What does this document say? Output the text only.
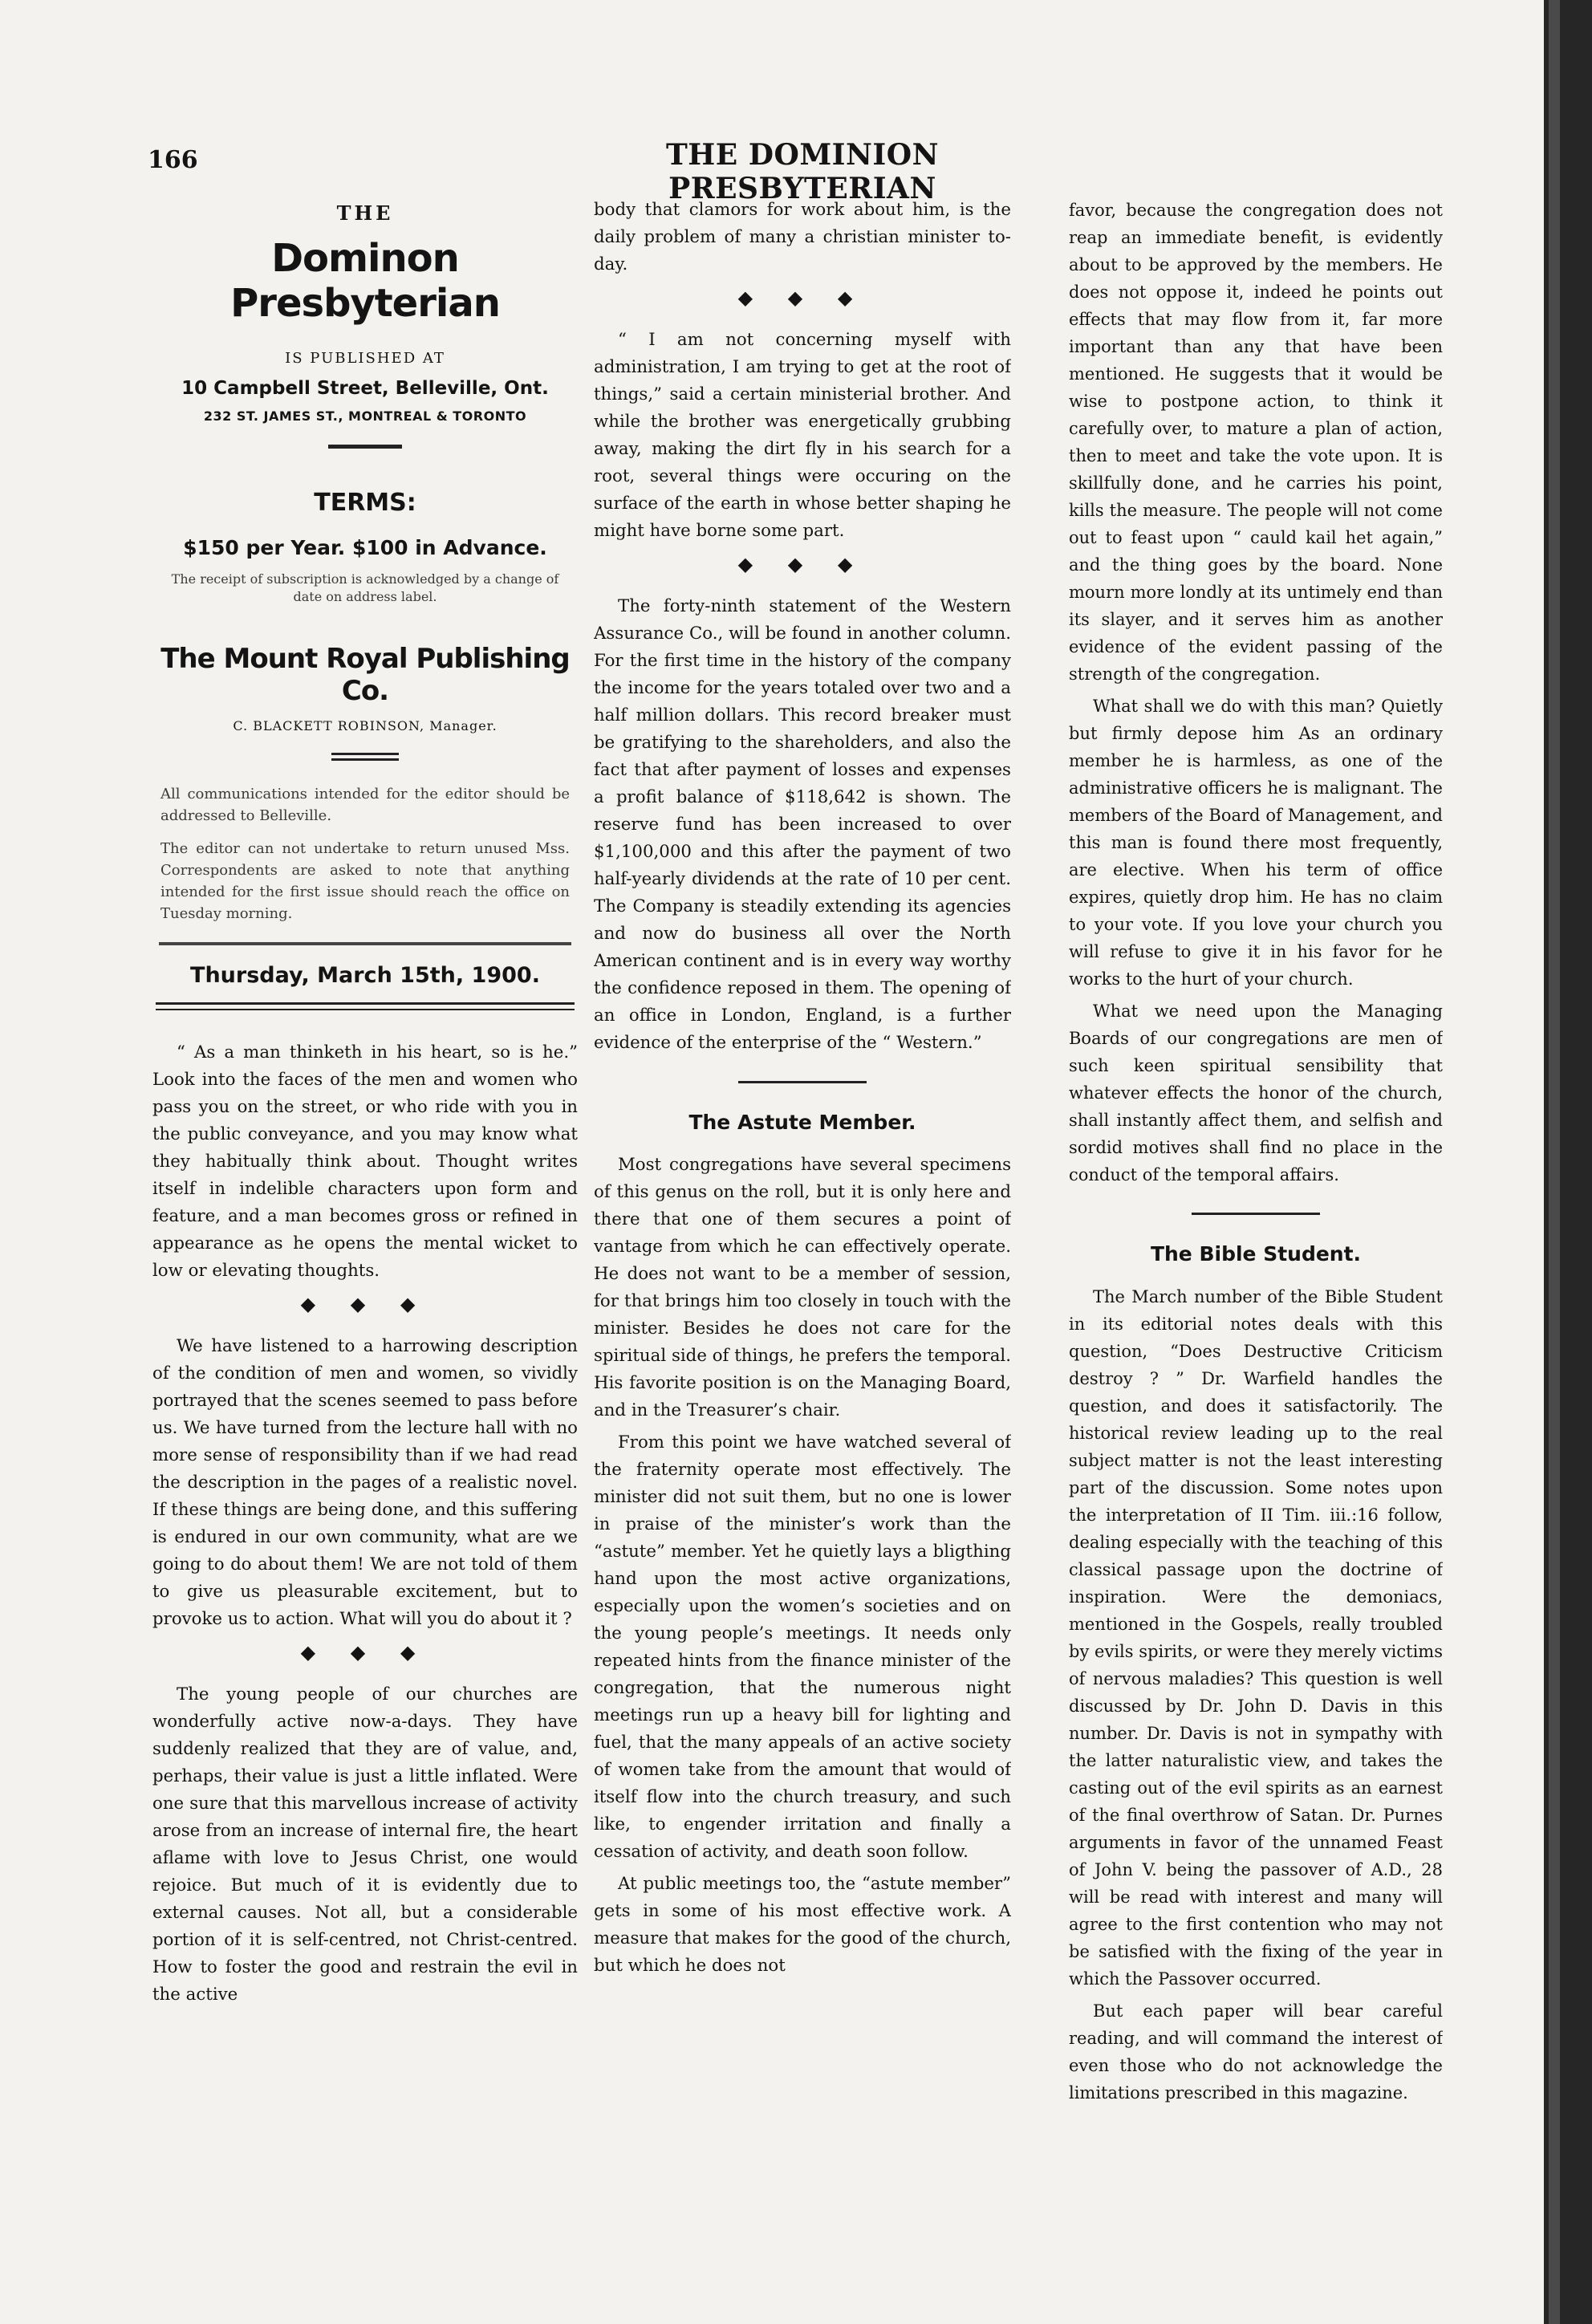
166	THE DOMINION PRESBYTERIAN
THE
Dominon Presbyterian
IS PUBLISHED AT
10 Campbell Street, Belleville, Ont.
232 ST. JAMES ST., MONTREAL & TORONTO
TERMS:
$150 per Year. $100 in Advance.
The receipt of subscription is acknowledged by a change of date on address label.
The Mount Royal Publishing Co.
C. BLACKETT ROBINSON, Manager.
All communications intended for the editor should be addressed to Belleville.
The editor can not undertake to return unused Mss. Correspondents are asked to note that anything intended for the first issue should reach the office on Tuesday morning.
Thursday, March 15th, 1900.

“ As a man thinketh in his heart, so is he.” Look into the faces of the men and women who pass you on the street, or who ride with you in the public conveyance, and you may know what they habitually think about. Thought writes itself in indelible characters upon form and feature, and a man becomes gross or refined in appearance as he opens the mental wicket to low or elevating thoughts.

◆ ◆ ◆

We have listened to a harrowing description of the condition of men and women, so vividly portrayed that the scenes seemed to pass before us. We have turned from the lecture hall with no more sense of responsibility than if we had read the description in the pages of a realistic novel. If these things are being done, and this suffering is endured in our own community, what are we going to do about them! We are not told of them to give us pleasurable excitement, but to provoke us to action. What will you do about it ?

◆ ◆ ◆

The young people of our churches are wonderfully active now-a-days. They have suddenly realized that they are of value, and, perhaps, their value is just a little inflated. Were one sure that this marvellous increase of activity arose from an increase of internal fire, the heart aflame with love to Jesus Christ, one would rejoice. But much of it is evidently due to external causes. Not all, but a considerable portion of it is self-centred, not Christ-centred. How to foster the good and restrain the evil in the active

body that clamors for work about him, is the daily problem of many a christian minister to-day.

◆ ◆ ◆

“ I am not concerning myself with administration, I am trying to get at the root of things,” said a certain ministerial brother. And while the brother was energetically grubbing away, making the dirt fly in his search for a root, several things were occuring on the surface of the earth in whose better shaping he might have borne some part.

◆ ◆ ◆

The forty-ninth statement of the Western Assurance Co., will be found in another column. For the first time in the history of the company the income for the years totaled over two and a half million dollars. This record breaker must be gratifying to the shareholders, and also the fact that after payment of losses and expenses a profit balance of $118,642 is shown. The reserve fund has been increased to over $1,100,000 and this after the payment of two half-yearly dividends at the rate of 10 per cent. The Company is steadily extending its agencies and now do business all over the North American continent and is in every way worthy the confidence reposed in them. The opening of an office in London, England, is a further evidence of the enterprise of the “ Western.”

The Astute Member.

Most congregations have several specimens of this genus on the roll, but it is only here and there that one of them secures a point of vantage from which he can effectively operate. He does not want to be a member of session, for that brings him too closely in touch with the minister. Besides he does not care for the spiritual side of things, he prefers the temporal. His favorite position is on the Managing Board, and in the Treasurer’s chair.

From this point we have watched several of the fraternity operate most effectively. The minister did not suit them, but no one is lower in praise of the minister’s work than the “astute” member. Yet he quietly lays a bligthing hand upon the most active organizations, especially upon the women’s societies and on the young people’s meetings. It needs only repeated hints from the finance minister of the congregation, that the numerous night meetings run up a heavy bill for lighting and fuel, that the many appeals of an active society of women take from the amount that would of itself flow into the church treasury, and such like, to engender irritation and finally a cessation of activity, and death soon follow.

At public meetings too, the “astute member” gets in some of his most effective work. A measure that makes for the good of the church, but which he does not

favor, because the congregation does not reap an immediate benefit, is evidently about to be approved by the members. He does not oppose it, indeed he points out effects that may flow from it, far more important than any that have been mentioned. He suggests that it would be wise to postpone action, to think it carefully over, to mature a plan of action, then to meet and take the vote upon. It is skillfully done, and he carries his point, kills the measure. The people will not come out to feast upon “ cauld kail het again,” and the thing goes by the board. None mourn more londly at its untimely end than its slayer, and it serves him as another evidence of the evident passing of the strength of the congregation.

What shall we do with this man? Quietly but firmly depose him As an ordinary member he is harmless, as one of the administrative officers he is malignant. The members of the Board of Management, and this man is found there most frequently, are elective. When his term of office expires, quietly drop him. He has no claim to your vote. If you love your church you will refuse to give it in his favor for he works to the hurt of your church.

What we need upon the Managing Boards of our congregations are men of such keen spiritual sensibility that whatever effects the honor of the church, shall instantly affect them, and selfish and sordid motives shall find no place in the conduct of the temporal affairs.

The Bible Student.

The March number of the Bible Student in its editorial notes deals with this question, “Does Destructive Criticism destroy ? ” Dr. Warfield handles the question, and does it satisfactorily. The historical review leading up to the real subject matter is not the least interesting part of the discussion. Some notes upon the interpretation of II Tim. iii.:16 follow, dealing especially with the teaching of this classical passage upon the doctrine of inspiration. Were the demoniacs, mentioned in the Gospels, really troubled by evils spirits, or were they merely victims of nervous maladies? This question is well discussed by Dr. John D. Davis in this number. Dr. Davis is not in sympathy with the latter naturalistic view, and takes the casting out of the evil spirits as an earnest of the final overthrow of Satan. Dr. Purnes arguments in favor of the unnamed Feast of John V. being the passover of A.D., 28 will be read with interest and many will agree to the first contention who may not be satisfied with the fixing of the year in which the Passover occurred.

But each paper will bear careful reading, and will command the interest of even those who do not acknowledge the limitations prescribed in this magazine.
